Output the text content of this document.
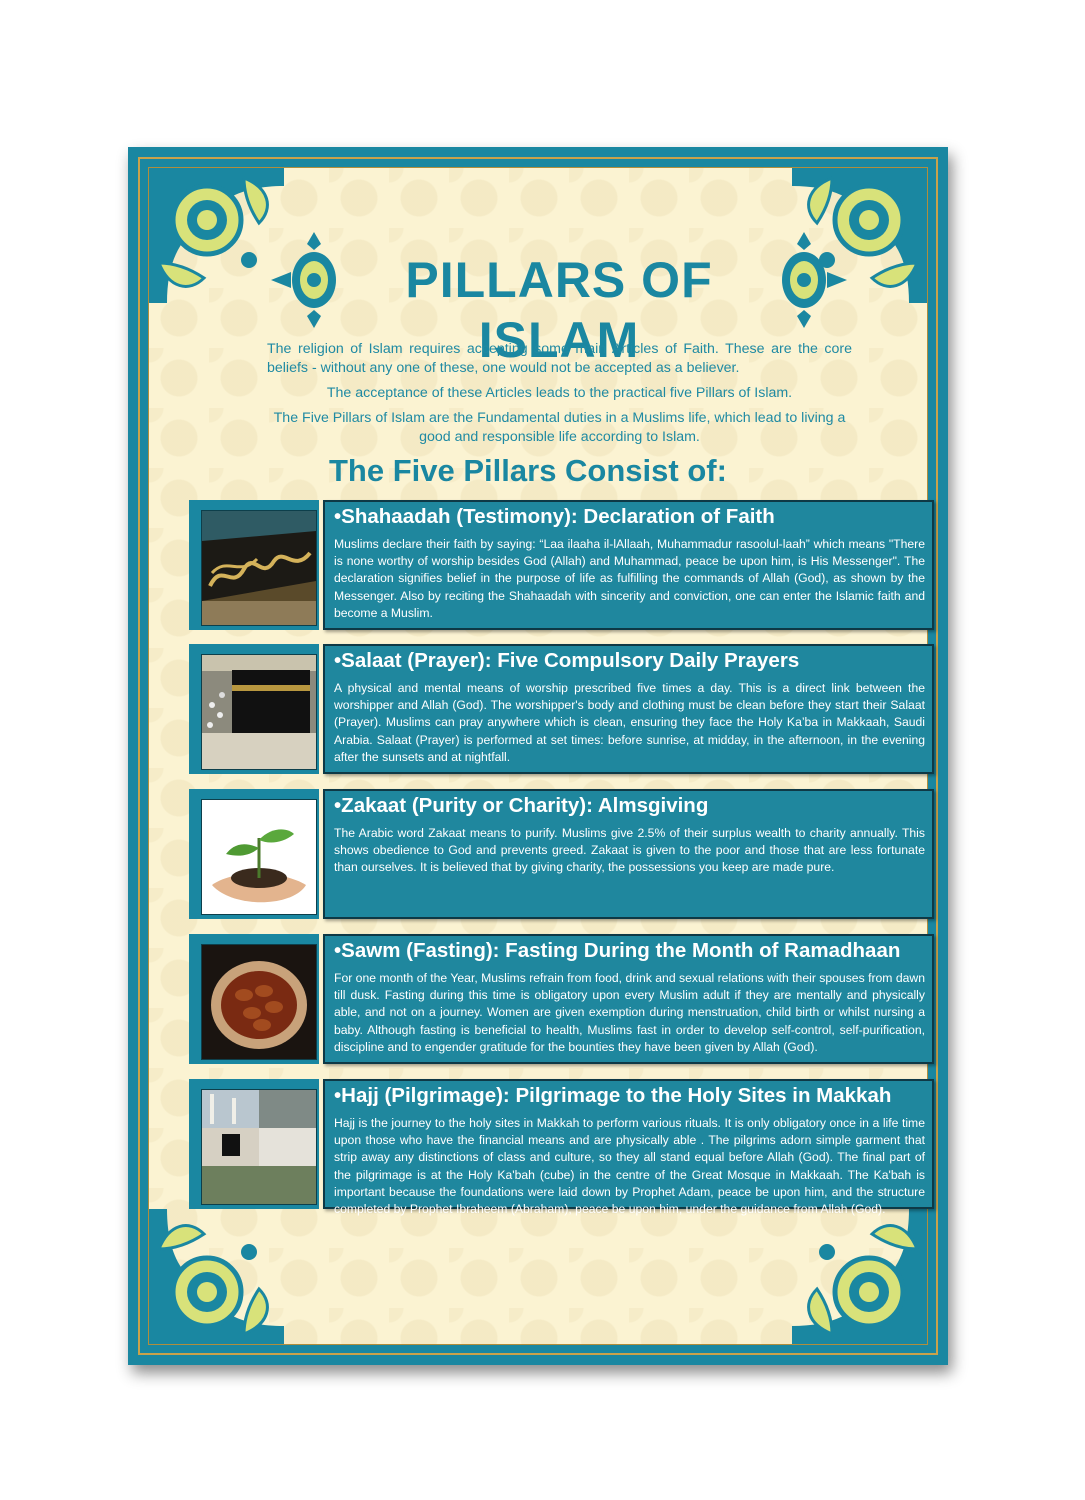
PILLARS OF ISLAM

The religion of Islam requires accepting some main Articles of Faith. These are the core beliefs - without any one of these, one would not be accepted as a believer.

The acceptance of these Articles leads to the practical five Pillars of Islam.

The Five Pillars of Islam are the Fundamental duties in a Muslims life, which lead to living a good and responsible life according to Islam.

The Five Pillars Consist of:
•Shahaadah (Testimony): Declaration of Faith
Muslims declare their faith by saying: “Laa ilaaha il-lAllaah, Muhammadur rasoolul-laah” which means "There is none worthy of worship besides God (Allah) and Muhammad, peace be upon him, is His Messenger". The declaration signifies belief in the purpose of life as fulfilling the commands of Allah (God), as shown by the Messenger. Also by reciting the Shahaadah with sincerity and conviction, one can enter the Islamic faith and become a Muslim.
•Salaat (Prayer): Five Compulsory Daily Prayers
A physical and mental means of worship prescribed five times a day. This is a direct link between the worshipper and Allah (God). The worshipper's body and clothing must be clean before they start their Salaat (Prayer). Muslims can pray anywhere which is clean, ensuring they face the Holy Ka’ba in Makkaah, Saudi Arabia. Salaat (Prayer) is performed at set times: before sunrise, at midday, in the afternoon, in the evening after the sunsets and at nightfall.
•Zakaat (Purity or Charity): Almsgiving
The Arabic word Zakaat means to purify. Muslims give 2.5% of their surplus wealth to charity annually. This shows obedience to God and prevents greed. Zakaat is given to the poor and those that are less fortunate than ourselves. It is believed that by giving charity, the possessions you keep are made pure.
•Sawm (Fasting): Fasting During the Month of Ramadhaan
For one month of the Year, Muslims refrain from food, drink and sexual relations with their spouses from dawn till dusk. Fasting during this time is obligatory upon every Muslim adult if they are mentally and physically able, and not on a journey. Women are given exemption during menstruation, child birth or whilst nursing a baby. Although fasting is beneficial to health, Muslims fast in order to develop self-control, self-purification, discipline and to engender gratitude for the bounties they have been given by Allah (God).
•Hajj (Pilgrimage): Pilgrimage to the Holy Sites in Makkah
Hajj is the journey to the holy sites in Makkah to perform various rituals. It is only obligatory once in a life time upon those who have the financial means and are physically able . The pilgrims adorn simple garment that strip away any distinctions of class and culture, so they all stand equal before Allah (God). The final part of the pilgrimage is at the Holy Ka'bah (cube) in the centre of the Great Mosque in Makkaah. The Ka'bah is important because the foundations were laid down by Prophet Adam, peace be upon him, and the structure completed by Prophet Ibraheem (Abraham), peace be upon him, under the guidance from Allah (God).
